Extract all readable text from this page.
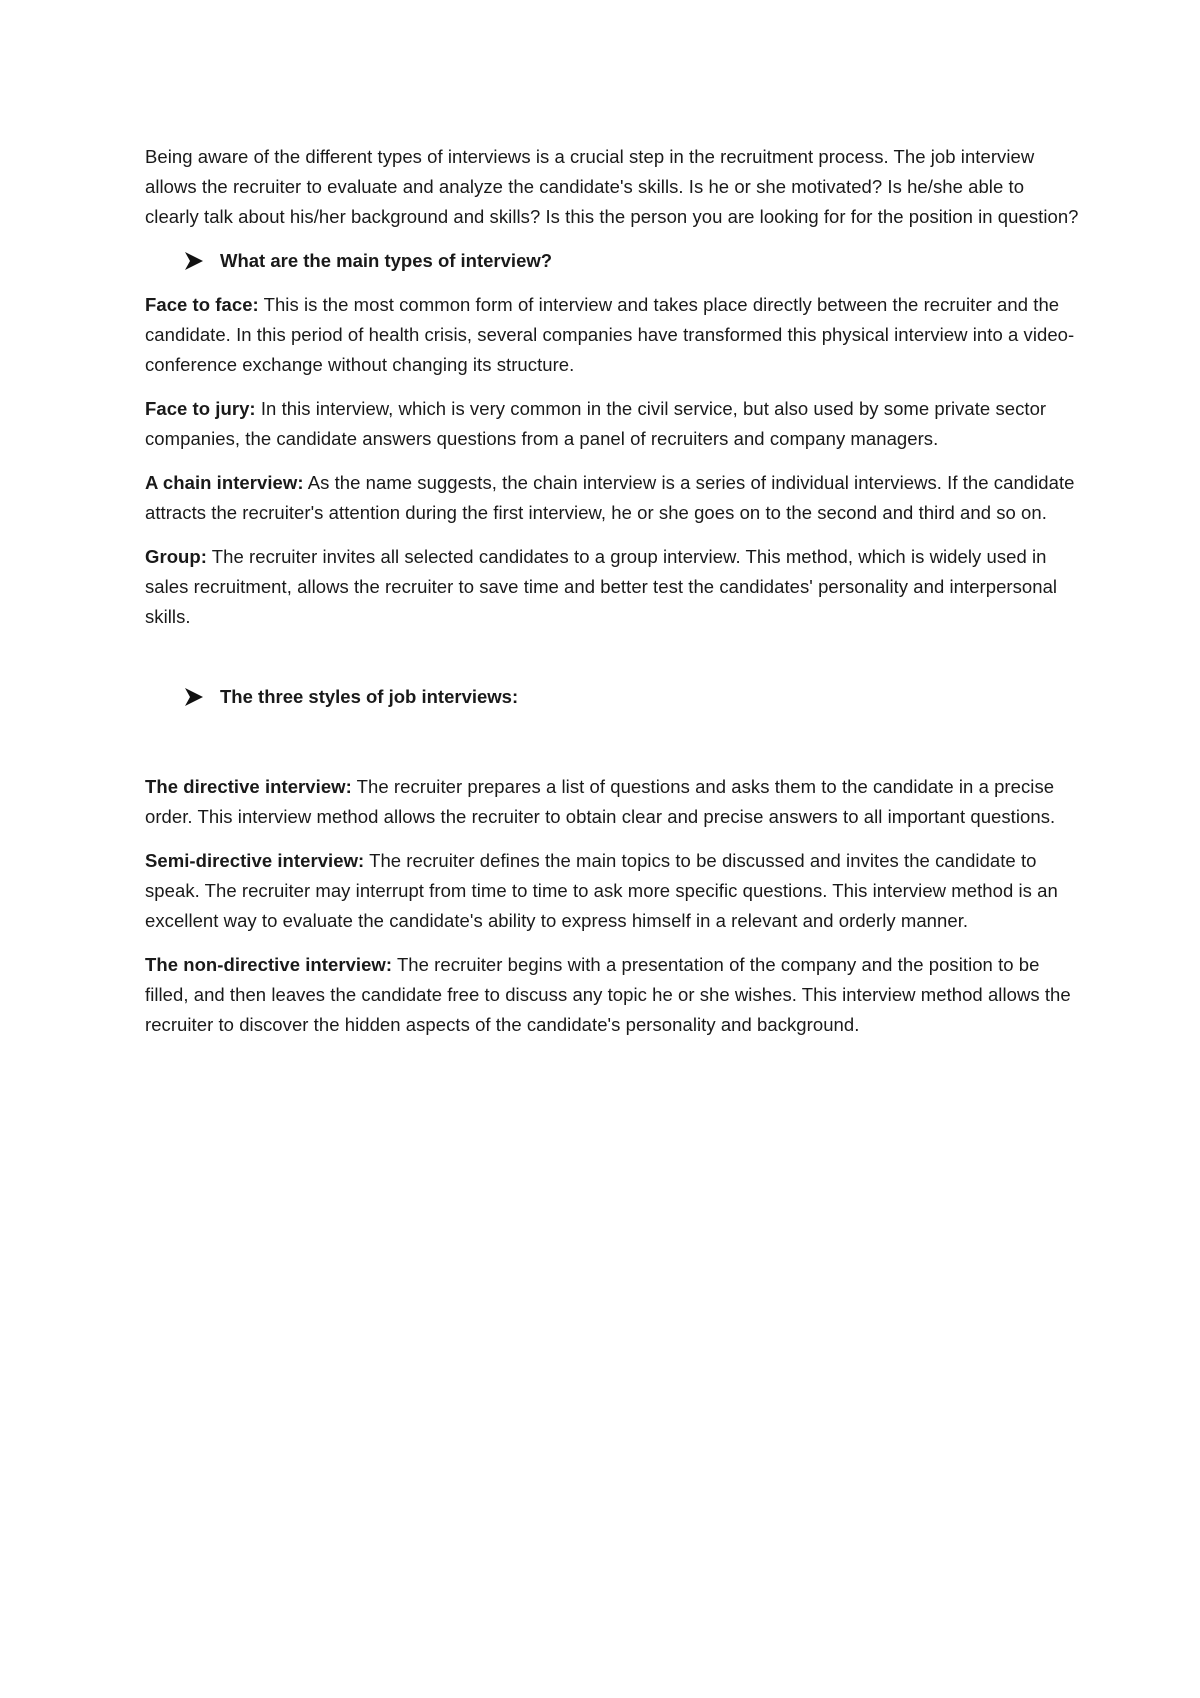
Being aware of the different types of interviews is a crucial step in the recruitment process. The job interview allows the recruiter to evaluate and analyze the candidate's skills. Is he or she motivated? Is he/she able to clearly talk about his/her background and skills? Is this the person you are looking for for the position in question?

What are the main types of interview?

Face to face: This is the most common form of interview and takes place directly between the recruiter and the candidate. In this period of health crisis, several companies have transformed this physical interview into a video-conference exchange without changing its structure.

Face to jury: In this interview, which is very common in the civil service, but also used by some private sector companies, the candidate answers questions from a panel of recruiters and company managers.

A chain interview: As the name suggests, the chain interview is a series of individual interviews. If the candidate attracts the recruiter's attention during the first interview, he or she goes on to the second and third and so on.

Group: The recruiter invites all selected candidates to a group interview. This method, which is widely used in sales recruitment, allows the recruiter to save time and better test the candidates' personality and interpersonal skills.

The three styles of job interviews:

The directive interview: The recruiter prepares a list of questions and asks them to the candidate in a precise order. This interview method allows the recruiter to obtain clear and precise answers to all important questions.

Semi-directive interview: The recruiter defines the main topics to be discussed and invites the candidate to speak. The recruiter may interrupt from time to time to ask more specific questions. This interview method is an excellent way to evaluate the candidate's ability to express himself in a relevant and orderly manner.

The non-directive interview: The recruiter begins with a presentation of the company and the position to be filled, and then leaves the candidate free to discuss any topic he or she wishes. This interview method allows the recruiter to discover the hidden aspects of the candidate's personality and background.
